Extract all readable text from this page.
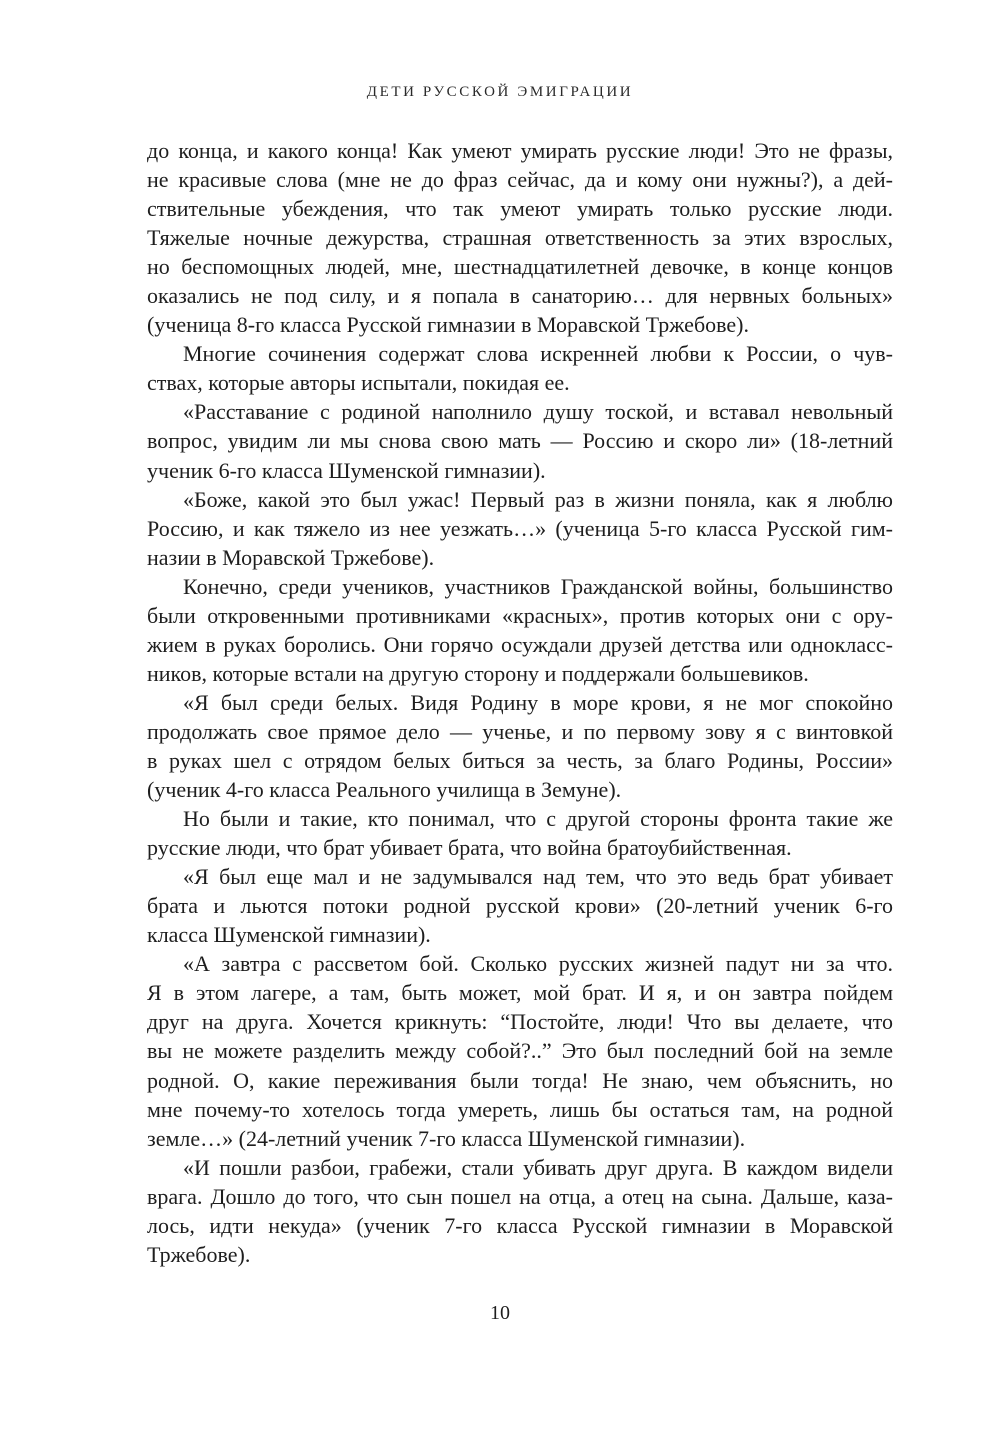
ДЕТИ РУССКОЙ ЭМИГРАЦИИ
до конца, и какого конца! Как умеют умирать русские люди! Это не фразы,
не красивые слова (мне не до фраз сейчас, да и кому они нужны?), а дей-
ствительные убеждения, что так умеют умирать только русские люди.
Тяжелые ночные дежурства, страшная ответственность за этих взрослых,
но беспомощных людей, мне, шестнадцатилетней девочке, в конце концов
оказались не под силу, и я попала в санаторию… для нервных больных»
(ученица 8-го класса Русской гимназии в Моравской Тржебове).
Многие сочинения содержат слова искренней любви к России, о чув-
ствах, которые авторы испытали, покидая ее.
«Расставание с родиной наполнило душу тоской, и вставал невольный
вопрос, увидим ли мы снова свою мать — Россию и скоро ли» (18-летний
ученик 6-го класса Шуменской гимназии).
«Боже, какой это был ужас! Первый раз в жизни поняла, как я люблю
Россию, и как тяжело из нее уезжать…» (ученица 5-го класса Русской гим-
назии в Моравской Тржебове).
Конечно, среди учеников, участников Гражданской войны, большинство
были откровенными противниками «красных», против которых они с ору-
жием в руках боролись. Они горячо осуждали друзей детства или однокласс-
ников, которые встали на другую сторону и поддержали большевиков.
«Я был среди белых. Видя Родину в море крови, я не мог спокойно
продолжать свое прямое дело — ученье, и по первому зову я с винтовкой
в руках шел с отрядом белых биться за честь, за благо Родины, России»
(ученик 4-го класса Реального училища в Земуне).
Но были и такие, кто понимал, что с другой стороны фронта такие же
русские люди, что брат убивает брата, что война братоубийственная.
«Я был еще мал и не задумывался над тем, что это ведь брат убивает
брата и льются потоки родной русской крови» (20-летний ученик 6-го
класса Шуменской гимназии).
«А завтра с рассветом бой. Сколько русских жизней падут ни за что.
Я в этом лагере, а там, быть может, мой брат. И я, и он завтра пойдем
друг на друга. Хочется крикнуть: “Постойте, люди! Что вы делаете, что
вы не можете разделить между собой?..” Это был последний бой на земле
родной. О, какие переживания были тогда! Не знаю, чем объяснить, но
мне почему-то хотелось тогда умереть, лишь бы остаться там, на родной
земле…» (24-летний ученик 7-го класса Шуменской гимназии).
«И пошли разбои, грабежи, стали убивать друг друга. В каждом видели
врага. Дошло до того, что сын пошел на отца, а отец на сына. Дальше, каза-
лось, идти некуда» (ученик 7-го класса Русской гимназии в Моравской
Тржебове).
10
